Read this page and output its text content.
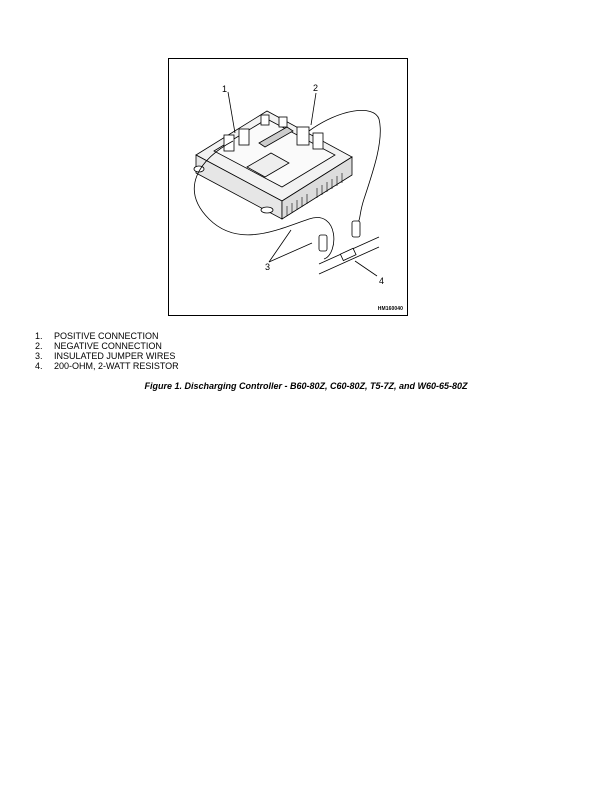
1	2
3
4
HM160040
1.	POSITIVE CONNECTION
2.	NEGATIVE CONNECTION
3.	INSULATED JUMPER WIRES
4.	200-OHM, 2-WATT RESISTOR
Figure 1. Discharging Controller - B60-80Z, C60-80Z, T5-7Z, and W60-65-80Z
